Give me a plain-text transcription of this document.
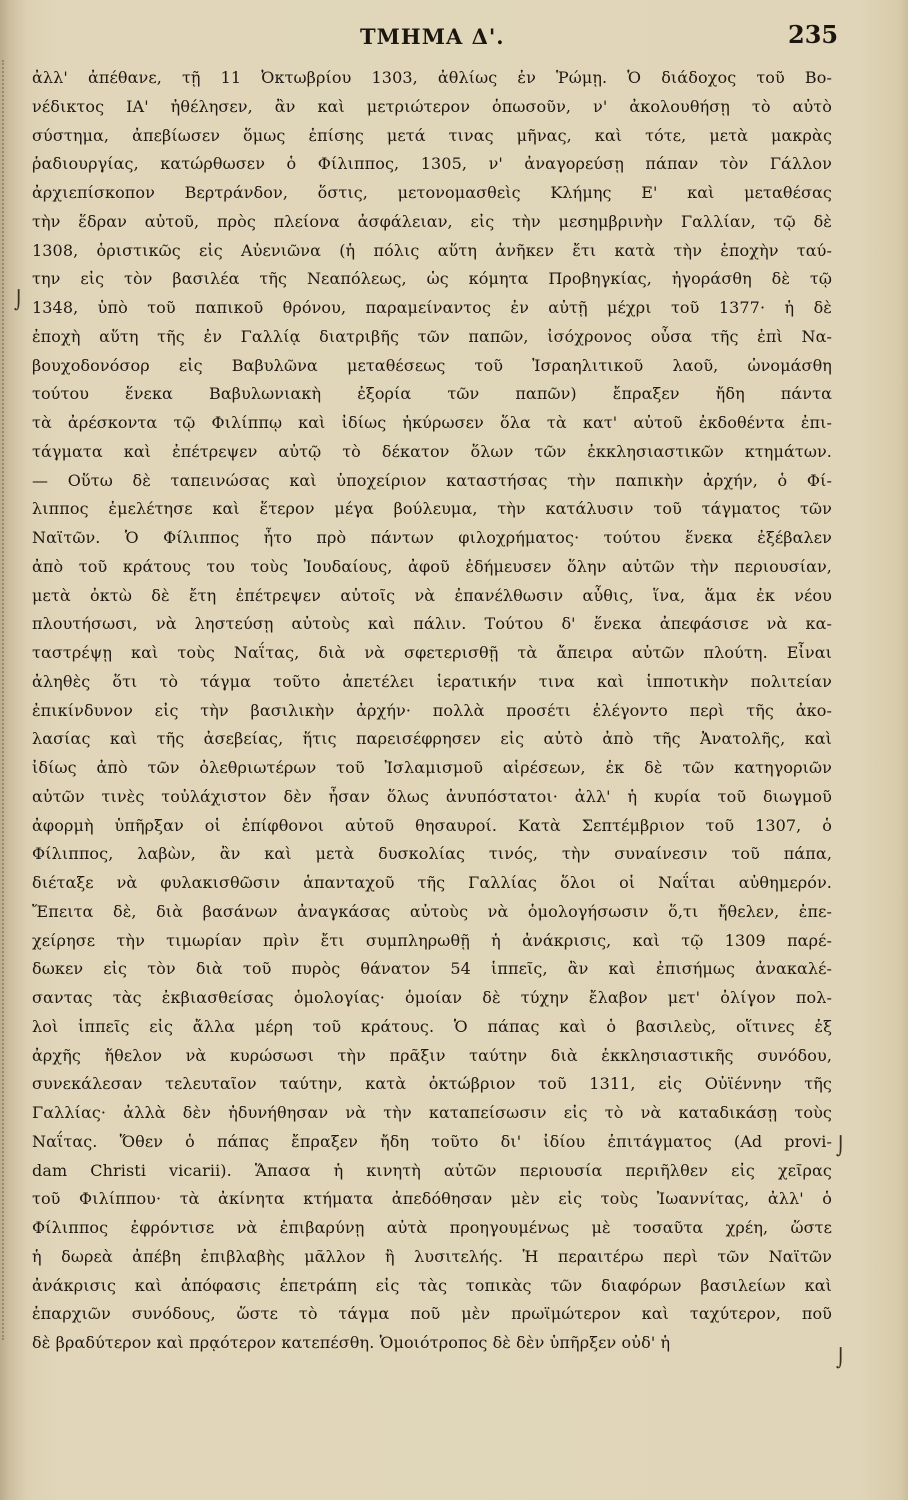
ΤΜΗΜΑ Δ'.	235
⌡
⌡
⌡
ἀλλ' ἀπέθανε, τῇ 11 Ὀκτωβρίου 1303, ἀθλίως ἐν Ῥώμῃ. Ὁ διάδοχος τοῦ Βο-
νέδικτος ΙΑ' ἠθέλησεν, ἂν καὶ μετριώτερον ὁπωσοῦν, ν' ἀκολουθήσῃ τὸ αὐτὸ
σύστημα, ἀπεβίωσεν ὅμως ἐπίσης μετά τινας μῆνας, καὶ τότε, μετὰ μακρὰς
ῥαδιουργίας, κατώρθωσεν ὁ Φίλιππος, 1305, ν' ἀναγορεύσῃ πάπαν τὸν Γάλλον
ἀρχιεπίσκοπον Βερτράνδον, ὅστις, μετονομασθεὶς Κλήμης Ε' καὶ μεταθέσας
τὴν ἕδραν αὐτοῦ, πρὸς πλείονα ἀσφάλειαν, εἰς τὴν μεσημβρινὴν Γαλλίαν, τῷ δὲ
1308, ὁριστικῶς εἰς Αὐενιῶνα (ἡ πόλις αὕτη ἀνῆκεν ἔτι κατὰ τὴν ἐποχὴν ταύ-
την εἰς τὸν βασιλέα τῆς Νεαπόλεως, ὡς κόμητα Προβηγκίας, ἠγοράσθη δὲ τῷ
1348, ὑπὸ τοῦ παπικοῦ θρόνου, παραμείναντος ἐν αὐτῇ μέχρι τοῦ 1377· ἡ δὲ
ἐποχὴ αὕτη τῆς ἐν Γαλλίᾳ διατριβῆς τῶν παπῶν, ἰσόχρονος οὖσα τῆς ἐπὶ Να-
βουχοδονόσορ εἰς Βαβυλῶνα μεταθέσεως τοῦ Ἰσραηλιτικοῦ λαοῦ, ὠνομάσθη
τούτου ἕνεκα Βαβυλωνιακὴ ἐξορία τῶν παπῶν) ἔπραξεν ἤδη πάντα
τὰ ἀρέσκοντα τῷ Φιλίππῳ καὶ ἰδίως ἠκύρωσεν ὅλα τὰ κατ' αὐτοῦ ἐκδοθέντα ἐπι-
τάγματα καὶ ἐπέτρεψεν αὐτῷ τὸ δέκατον ὅλων τῶν ἐκκλησιαστικῶν κτημάτων.
— Οὕτω δὲ ταπεινώσας καὶ ὑποχείριον καταστήσας τὴν παπικὴν ἀρχήν, ὁ Φί-
λιππος ἐμελέτησε καὶ ἕτερον μέγα βούλευμα, τὴν κατάλυσιν τοῦ τάγματος τῶν
Ναϊτῶν. Ὁ Φίλιππος ἦτο πρὸ πάντων φιλοχρήματος· τούτου ἕνεκα ἐξέβαλεν
ἀπὸ τοῦ κράτους του τοὺς Ἰουδαίους, ἀφοῦ ἐδήμευσεν ὅλην αὐτῶν τὴν περιουσίαν,
μετὰ ὀκτὼ δὲ ἔτη ἐπέτρεψεν αὐτοῖς νὰ ἐπανέλθωσιν αὖθις, ἵνα, ἅμα ἐκ νέου
πλουτήσωσι, νὰ ληστεύσῃ αὐτοὺς καὶ πάλιν. Τούτου δ' ἕνεκα ἀπεφάσισε νὰ κα-
ταστρέψῃ καὶ τοὺς Ναΐτας, διὰ νὰ σφετερισθῇ τὰ ἄπειρα αὐτῶν πλούτη. Εἶναι
ἀληθὲς ὅτι τὸ τάγμα τοῦτο ἀπετέλει ἱερατικήν τινα καὶ ἱπποτικὴν πολιτείαν
ἐπικίνδυνον εἰς τὴν βασιλικὴν ἀρχήν· πολλὰ προσέτι ἐλέγοντο περὶ τῆς ἀκο-
λασίας καὶ τῆς ἀσεβείας, ἥτις παρεισέφρησεν εἰς αὐτὸ ἀπὸ τῆς Ἀνατολῆς, καὶ
ἰδίως ἀπὸ τῶν ὀλεθριωτέρων τοῦ Ἰσλαμισμοῦ αἱρέσεων, ἐκ δὲ τῶν κατηγοριῶν
αὐτῶν τινὲς τοὐλάχιστον δὲν ἦσαν ὅλως ἀνυπόστατοι· ἀλλ' ἡ κυρία τοῦ διωγμοῦ
ἀφορμὴ ὑπῆρξαν οἱ ἐπίφθονοι αὐτοῦ θησαυροί. Κατὰ Σεπτέμβριον τοῦ 1307, ὁ
Φίλιππος, λαβὼν, ἂν καὶ μετὰ δυσκολίας τινός, τὴν συναίνεσιν τοῦ πάπα,
διέταξε νὰ φυλακισθῶσιν ἁπανταχοῦ τῆς Γαλλίας ὅλοι οἱ Ναΐται αὐθημερόν.
Ἔπειτα δὲ, διὰ βασάνων ἀναγκάσας αὐτοὺς νὰ ὁμολογήσωσιν ὅ,τι ἤθελεν, ἐπε-
χείρησε τὴν τιμωρίαν πρὶν ἔτι συμπληρωθῇ ἡ ἀνάκρισις, καὶ τῷ 1309 παρέ-
δωκεν εἰς τὸν διὰ τοῦ πυρὸς θάνατον 54 ἱππεῖς, ἂν καὶ ἐπισήμως ἀνακαλέ-
σαντας τὰς ἐκβιασθείσας ὁμολογίας· ὁμοίαν δὲ τύχην ἔλαβον μετ' ὀλίγον πολ-
λοὶ ἱππεῖς εἰς ἄλλα μέρη τοῦ κράτους. Ὁ πάπας καὶ ὁ βασιλεὺς, οἵτινες ἐξ
ἀρχῆς ἤθελον νὰ κυρώσωσι τὴν πρᾶξιν ταύτην διὰ ἐκκλησιαστικῆς συνόδου,
συνεκάλεσαν τελευταῖον ταύτην, κατὰ ὀκτώβριον τοῦ 1311, εἰς Οὐϊέννην τῆς
Γαλλίας· ἀλλὰ δὲν ἠδυνήθησαν νὰ τὴν καταπείσωσιν εἰς τὸ νὰ καταδικάσῃ τοὺς
Ναΐτας. Ὅθεν ὁ πάπας ἔπραξεν ἤδη τοῦτο δι' ἰδίου ἐπιτάγματος (Ad provi-
dam Christi vicarii). Ἅπασα ἡ κινητὴ αὐτῶν περιουσία περιῆλθεν εἰς χεῖρας
τοῦ Φιλίππου· τὰ ἀκίνητα κτήματα ἀπεδόθησαν μὲν εἰς τοὺς Ἰωαννίτας, ἀλλ' ὁ
Φίλιππος ἐφρόντισε νὰ ἐπιβαρύνῃ αὐτὰ προηγουμένως μὲ τοσαῦτα χρέη, ὥστε
ἡ δωρεὰ ἀπέβη ἐπιβλαβὴς μᾶλλον ἢ λυσιτελής. Ἡ περαιτέρω περὶ τῶν Ναϊτῶν
ἀνάκρισις καὶ ἀπόφασις ἐπετράπη εἰς τὰς τοπικὰς τῶν διαφόρων βασιλείων καὶ
ἐπαρχιῶν συνόδους, ὥστε τὸ τάγμα ποῦ μὲν πρωϊμώτερον καὶ ταχύτερον, ποῦ
δὲ βραδύτερον καὶ πρᾳότερον κατεπέσθη. Ὁμοιότροπος δὲ δὲν ὑπῆρξεν οὐδ' ἡ
